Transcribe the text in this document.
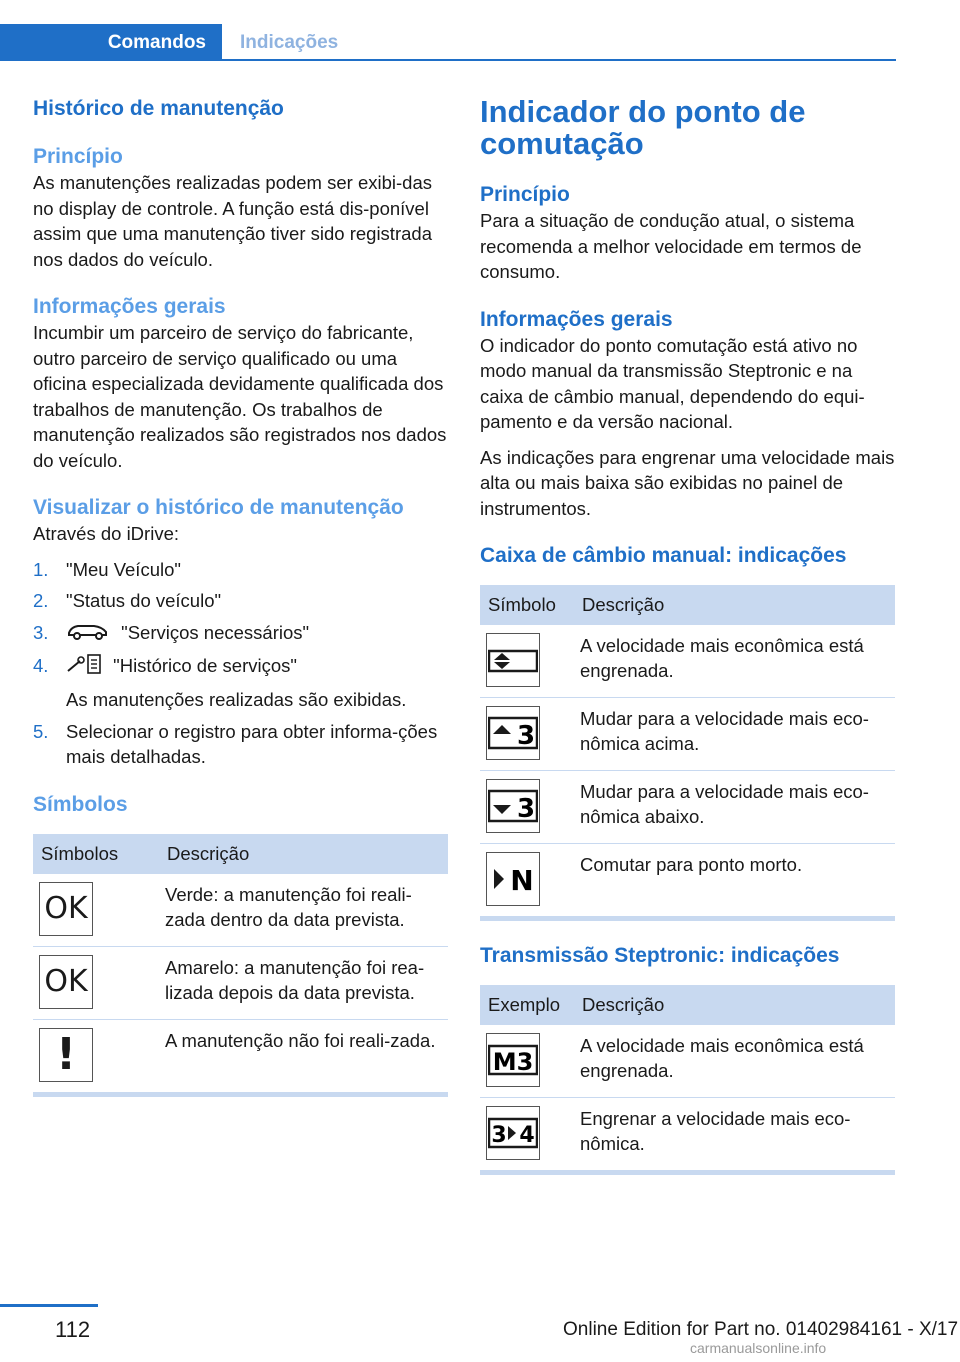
Comandos	Indicações
Histórico de manutenção
Princípio

As manutenções realizadas podem ser exibi-das no display de controle. A função está dis-ponível assim que uma manutenção tiver sido registrada nos dados do veículo.

Informações gerais

Incumbir um parceiro de serviço do fabricante, outro parceiro de serviço qualificado ou uma oficina especializada devidamente qualificada dos trabalhos de manutenção. Os trabalhos de manutenção realizados são registrados nos dados do veículo.

Visualizar o histórico de manutenção

Através do iDrive:

1. "Meu Veículo"
2. "Status do veículo"
3.	"Serviços necessários"
4.	"Histórico de serviços"
As manutenções realizadas são exibidas.
5. Selecionar o registro para obter informa-ções mais detalhadas.
Símbolos
Símbolos	Descrição

OK	Verde: a manutenção foi reali-zada dentro da data prevista.

OK	Amarelo: a manutenção foi rea-lizada depois da data prevista.

!	A manutenção não foi reali-zada.
Indicador do ponto de comutação
Princípio

Para a situação de condução atual, o sistema recomenda a melhor velocidade em termos de consumo.

Informações gerais

O indicador do ponto comutação está ativo no modo manual da transmissão Steptronic e na caixa de câmbio manual, dependendo do equi-pamento e da versão nacional.

As indicações para engrenar uma velocidade mais alta ou mais baixa são exibidas no painel de instrumentos.

Caixa de câmbio manual: indicações
Símbolo	Descrição

	A velocidade mais econômica está engrenada.

3	Mudar para a velocidade mais eco-nômica acima.

3	Mudar para a velocidade mais eco-nômica abaixo.

N	Comutar para ponto morto.
Transmissão Steptronic: indicações
Exemplo	Descrição

M3	A velocidade mais econômica está engrenada.

3 4	Engrenar a velocidade mais eco-nômica.
112	Online Edition for Part no. 01402984161 - X/17
carmanualsonline.info
